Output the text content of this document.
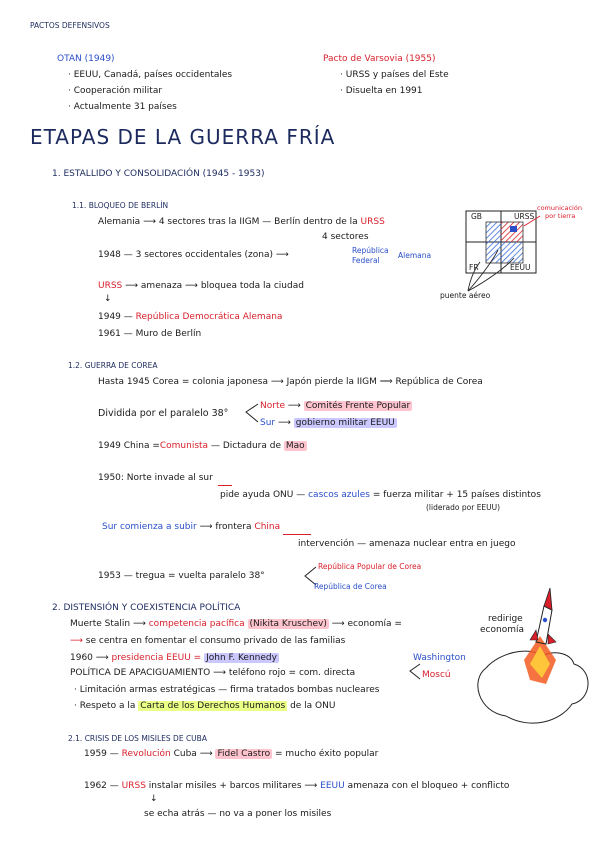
PACTOS DEFENSIVOS
OTAN (1949)
· EEUU, Canadá, países occidentales
· Cooperación militar
· Actualmente 31 países
Pacto de Varsovia (1955)
· URSS y países del Este
· Disuelta en 1991
ETAPAS DE LA GUERRA FRÍA
1. ESTALLIDO Y CONSOLIDACIÓN (1945 - 1953)
1.1. BLOQUEO DE BERLÍN
Alemania ⟶ 4 sectores tras la IIGM — Berlín dentro de la URSS
4 sectores
1948 — 3 sectores occidentales (zona) ⟶	República
Federal
Alemana
URSS ⟶ amenaza ⟶ bloquea toda la ciudad
↓
1949 — República Democrática Alemana
1961 — Muro de Berlín
GB	URSS
FR	EEUU
comunicación
por tierra
puente aéreo
1.2. GUERRA DE COREA
Hasta 1945 Corea = colonia japonesa ⟶ Japón pierde la IIGM ⟹ República de Corea
Dividida por el paralelo 38°
Norte ⟶ Comités Frente Popular
Sur ⟶ gobierno militar EEUU
1949 China =Comunista — Dictadura de Mao
1950: Norte invade al sur
pide ayuda ONU — cascos azules = fuerza militar + 15 países distintos
(liderado por EEUU)
Sur comienza a subir ⟶ frontera China
intervención — amenaza nuclear entra en juego
1953 — tregua = vuelta paralelo 38°
República Popular de Corea
República de Corea
2. DISTENSIÓN Y COEXISTENCIA POLÍTICA
Muerte Stalin ⟶ competencia pacífica (Nikita Kruschev) ⟶ economía =	redirige
economía
⟶ se centra en fomentar el consumo privado de las familias
1960 ⟶ presidencia EEUU = John F. Kennedy
POLÍTICA DE APACIGUAMIENTO ⟶ teléfono rojo = com. directa
Washington
Moscú
· Limitación armas estratégicas — firma tratados bombas nucleares
· Respeto a la Carta de los Derechos Humanos de la ONU
2.1. CRISIS DE LOS MISILES DE CUBA
1959 — Revolución Cuba ⟶ Fidel Castro = mucho éxito popular
1962 — URSS instalar misiles + barcos militares ⟶ EEUU amenaza con el bloqueo + conflicto
↓
se echa atrás — no va a poner los misiles
